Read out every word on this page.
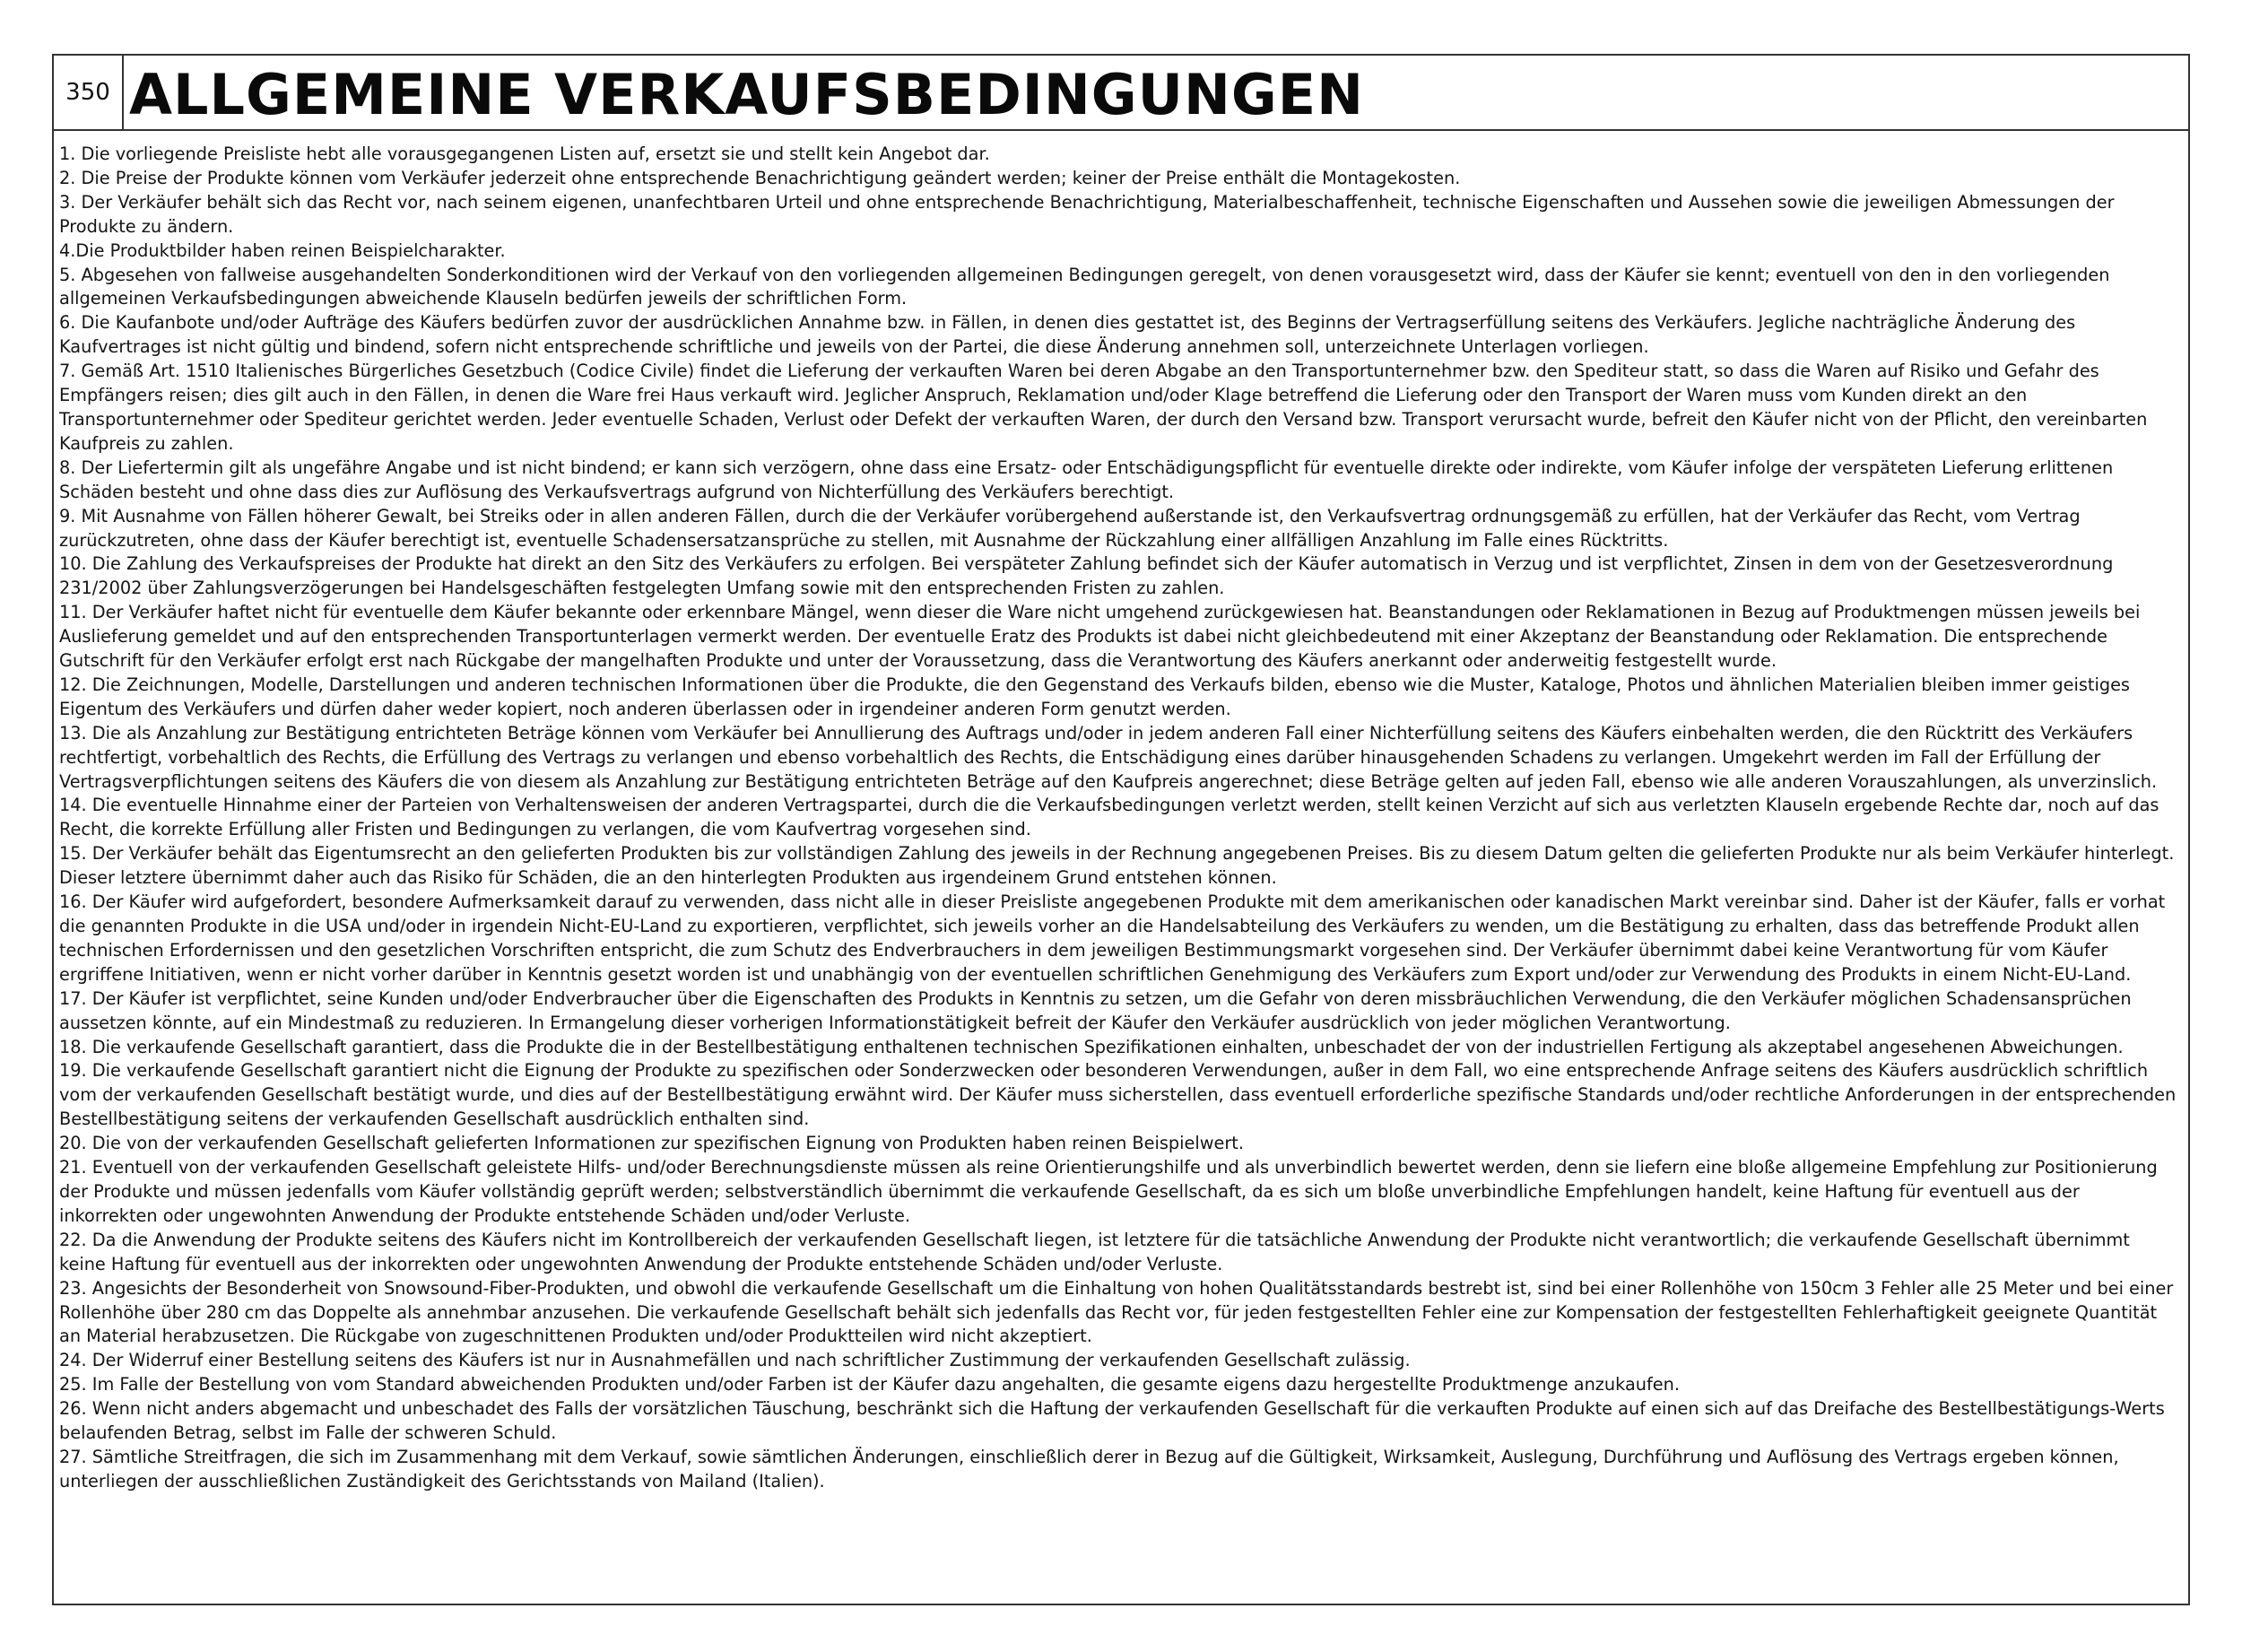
350 ALLGEMEINE VERKAUFSBEDINGUNGEN
1. Die vorliegende Preisliste hebt alle vorausgegangenen Listen auf, ersetzt sie und stellt kein Angebot dar.
2. Die Preise der Produkte können vom Verkäufer jederzeit ohne entsprechende Benachrichtigung geändert werden; keiner der Preise enthält die Montagekosten.
3. Der Verkäufer behält sich das Recht vor, nach seinem eigenen, unanfechtbaren Urteil und ohne entsprechende Benachrichtigung, Materialbeschaffenheit, technische Eigenschaften und Aussehen sowie die jeweiligen Abmessungen der Produkte zu ändern.
4.Die Produktbilder haben reinen Beispielcharakter.
5. Abgesehen von fallweise ausgehandelten Sonderkonditionen wird der Verkauf von den vorliegenden allgemeinen Bedingungen geregelt, von denen vorausgesetzt wird, dass der Käufer sie kennt; eventuell von den in den vorliegenden allgemeinen Verkaufsbedingungen abweichende Klauseln bedürfen jeweils der schriftlichen Form.
6. Die Kaufanbote und/oder Aufträge des Käufers bedürfen zuvor der ausdrücklichen Annahme bzw. in Fällen, in denen dies gestattet ist, des Beginns der Vertragserfüllung seitens des Verkäufers. Jegliche nachträgliche Änderung des Kaufvertrages ist nicht gültig und bindend, sofern nicht entsprechende schriftliche und jeweils von der Partei, die diese Änderung annehmen soll, unterzeichnete Unterlagen vorliegen.
7. Gemäß Art. 1510 Italienisches Bürgerliches Gesetzbuch (Codice Civile) findet die Lieferung der verkauften Waren bei deren Abgabe an den Transportunternehmer bzw. den Spediteur statt, so dass die Waren auf Risiko und Gefahr des Empfängers reisen; dies gilt auch in den Fällen, in denen die Ware frei Haus verkauft wird. Jeglicher Anspruch, Reklamation und/oder Klage betreffend die Lieferung oder den Transport der Waren muss vom Kunden direkt an den Transportunternehmer oder Spediteur gerichtet werden. Jeder eventuelle Schaden, Verlust oder Defekt der verkauften Waren, der durch den Versand bzw. Transport verursacht wurde, befreit den Käufer nicht von der Pflicht, den vereinbarten Kaufpreis zu zahlen.
8. Der Liefertermin gilt als ungefähre Angabe und ist nicht bindend; er kann sich verzögern, ohne dass eine Ersatz- oder Entschädigungspflicht für eventuelle direkte oder indirekte, vom Käufer infolge der verspäteten Lieferung erlittenen Schäden besteht und ohne dass dies zur Auflösung des Verkaufsvertrags aufgrund von Nichterfüllung des Verkäufers berechtigt.
9. Mit Ausnahme von Fällen höherer Gewalt, bei Streiks oder in allen anderen Fällen, durch die der Verkäufer vorübergehend außerstande ist, den Verkaufsvertrag ordnungsgemäß zu erfüllen, hat der Verkäufer das Recht, vom Vertrag zurückzutreten, ohne dass der Käufer berechtigt ist, eventuelle Schadensersatzansprüche zu stellen, mit Ausnahme der Rückzahlung einer allfälligen Anzahlung im Falle eines Rücktritts.
10. Die Zahlung des Verkaufspreises der Produkte hat direkt an den Sitz des Verkäufers zu erfolgen. Bei verspäteter Zahlung befindet sich der Käufer automatisch in Verzug und ist verpflichtet, Zinsen in dem von der Gesetzesverordnung 231/2002 über Zahlungsverzögerungen bei Handelsgeschäften festgelegten Umfang sowie mit den entsprechenden Fristen zu zahlen.
11. Der Verkäufer haftet nicht für eventuelle dem Käufer bekannte oder erkennbare Mängel, wenn dieser die Ware nicht umgehend zurückgewiesen hat. Beanstandungen oder Reklamationen in Bezug auf Produktmengen müssen jeweils bei Auslieferung gemeldet und auf den entsprechenden Transportunterlagen vermerkt werden. Der eventuelle Eratz des Produkts ist dabei nicht gleichbedeutend mit einer Akzeptanz der Beanstandung oder Reklamation. Die entsprechende Gutschrift für den Verkäufer erfolgt erst nach Rückgabe der mangelhaften Produkte und unter der Voraussetzung, dass die Verantwortung des Käufers anerkannt oder anderweitig festgestellt wurde.
12. Die Zeichnungen, Modelle, Darstellungen und anderen technischen Informationen über die Produkte, die den Gegenstand des Verkaufs bilden, ebenso wie die Muster, Kataloge, Photos und ähnlichen Materialien bleiben immer geistiges Eigentum des Verkäufers und dürfen daher weder kopiert, noch anderen überlassen oder in irgendeiner anderen Form genutzt werden.
13. Die als Anzahlung zur Bestätigung entrichteten Beträge können vom Verkäufer bei Annullierung des Auftrags und/oder in jedem anderen Fall einer Nichterfüllung seitens des Käufers einbehalten werden, die den Rücktritt des Verkäufers rechtfertigt, vorbehaltlich des Rechts, die Erfüllung des Vertrags zu verlangen und ebenso vorbehaltlich des Rechts, die Entschädigung eines darüber hinausgehenden Schadens zu verlangen. Umgekehrt werden im Fall der Erfüllung der Vertragsverpflichtungen seitens des Käufers die von diesem als Anzahlung zur Bestätigung entrichteten Beträge auf den Kaufpreis angerechnet; diese Beträge gelten auf jeden Fall, ebenso wie alle anderen Vorauszahlungen, als unverzinslich.
14. Die eventuelle Hinnahme einer der Parteien von Verhaltensweisen der anderen Vertragspartei, durch die die Verkaufsbedingungen verletzt werden, stellt keinen Verzicht auf sich aus verletzten Klauseln ergebende Rechte dar, noch auf das Recht, die korrekte Erfüllung aller Fristen und Bedingungen zu verlangen, die vom Kaufvertrag vorgesehen sind.
15. Der Verkäufer behält das Eigentumsrecht an den gelieferten Produkten bis zur vollständigen Zahlung des jeweils in der Rechnung angegebenen Preises. Bis zu diesem Datum gelten die gelieferten Produkte nur als beim Verkäufer hinterlegt. Dieser letztere übernimmt daher auch das Risiko für Schäden, die an den hinterlegten Produkten aus irgendeinem Grund entstehen können.
16. Der Käufer wird aufgefordert, besondere Aufmerksamkeit darauf zu verwenden, dass nicht alle in dieser Preisliste angegebenen Produkte mit dem amerikanischen oder kanadischen Markt vereinbar sind. Daher ist der Käufer, falls er vorhat die genannten Produkte in die USA und/oder in irgendein Nicht-EU-Land zu exportieren, verpflichtet, sich jeweils vorher an die Handelsabteilung des Verkäufers zu wenden, um die Bestätigung zu erhalten, dass das betreffende Produkt allen technischen Erfordernissen und den gesetzlichen Vorschriften entspricht, die zum Schutz des Endverbrauchers in dem jeweiligen Bestimmungsmarkt vorgesehen sind. Der Verkäufer übernimmt dabei keine Verantwortung für vom Käufer ergriffene Initiativen, wenn er nicht vorher darüber in Kenntnis gesetzt worden ist und unabhängig von der eventuellen schriftlichen Genehmigung des Verkäufers zum Export und/oder zur Verwendung des Produkts in einem Nicht-EU-Land.
17. Der Käufer ist verpflichtet, seine Kunden und/oder Endverbraucher über die Eigenschaften des Produkts in Kenntnis zu setzen, um die Gefahr von deren missbräuchlichen Verwendung, die den Verkäufer möglichen Schadensansprüchen aussetzen könnte, auf ein Mindestmaß zu reduzieren. In Ermangelung dieser vorherigen Informationstätigkeit befreit der Käufer den Verkäufer ausdrücklich von jeder möglichen Verantwortung.
18. Die verkaufende Gesellschaft garantiert, dass die Produkte die in der Bestellbestätigung enthaltenen technischen Spezifikationen einhalten, unbeschadet der von der industriellen Fertigung als akzeptabel angesehenen Abweichungen.
19. Die verkaufende Gesellschaft garantiert nicht die Eignung der Produkte zu spezifischen oder Sonderzwecken oder besonderen Verwendungen, außer in dem Fall, wo eine entsprechende Anfrage seitens des Käufers ausdrücklich schriftlich vom der verkaufenden Gesellschaft bestätigt wurde, und dies auf der Bestellbestätigung erwähnt wird. Der Käufer muss sicherstellen, dass eventuell erforderliche spezifische Standards und/oder rechtliche Anforderungen in der entsprechenden Bestellbestätigung seitens der verkaufenden Gesellschaft ausdrücklich enthalten sind.
20. Die von der verkaufenden Gesellschaft gelieferten Informationen zur spezifischen Eignung von Produkten haben reinen Beispielwert.
21. Eventuell von der verkaufenden Gesellschaft geleistete Hilfs- und/oder Berechnungsdienste müssen als reine Orientierungshilfe und als unverbindlich bewertet werden, denn sie liefern eine bloße allgemeine Empfehlung zur Positionierung der Produkte und müssen jedenfalls vom Käufer vollständig geprüft werden; selbstverständlich übernimmt die verkaufende Gesellschaft, da es sich um bloße unverbindliche Empfehlungen handelt, keine Haftung für eventuell aus der inkorrekten oder ungewohnten Anwendung der Produkte entstehende Schäden und/oder Verluste.
22. Da die Anwendung der Produkte seitens des Käufers nicht im Kontrollbereich der verkaufenden Gesellschaft liegen, ist letztere für die tatsächliche Anwendung der Produkte nicht verantwortlich; die verkaufende Gesellschaft übernimmt keine Haftung für eventuell aus der inkorrekten oder ungewohnten Anwendung der Produkte entstehende Schäden und/oder Verluste.
23. Angesichts der Besonderheit von Snowsound-Fiber-Produkten, und obwohl die verkaufende Gesellschaft um die Einhaltung von hohen Qualitätsstandards bestrebt ist, sind bei einer Rollenhöhe von 150cm 3 Fehler alle 25 Meter und bei einer Rollenhöhe über 280 cm das Doppelte als annehmbar anzusehen. Die verkaufende Gesellschaft behält sich jedenfalls das Recht vor, für jeden festgestellten Fehler eine zur Kompensation der festgestellten Fehlerhaftigkeit geeignete Quantität an Material herabzusetzen. Die Rückgabe von zugeschnittenen Produkten und/oder Produktteilen wird nicht akzeptiert.
24. Der Widerruf einer Bestellung seitens des Käufers ist nur in Ausnahmefällen und nach schriftlicher Zustimmung der verkaufenden Gesellschaft zulässig.
25. Im Falle der Bestellung von vom Standard abweichenden Produkten und/oder Farben ist der Käufer dazu angehalten, die gesamte eigens dazu hergestellte Produktmenge anzukaufen.
26. Wenn nicht anders abgemacht und unbeschadet des Falls der vorsätzlichen Täuschung, beschränkt sich die Haftung der verkaufenden Gesellschaft für die verkauften Produkte auf einen sich auf das Dreifache des Bestellbestätigungs-Werts belaufenden Betrag, selbst im Falle der schweren Schuld.
27. Sämtliche Streitfragen, die sich im Zusammenhang mit dem Verkauf, sowie sämtlichen Änderungen, einschließlich derer in Bezug auf die Gültigkeit, Wirksamkeit, Auslegung, Durchführung und Auflösung des Vertrags ergeben können, unterliegen der ausschließlichen Zuständigkeit des Gerichtsstands von Mailand (Italien).
